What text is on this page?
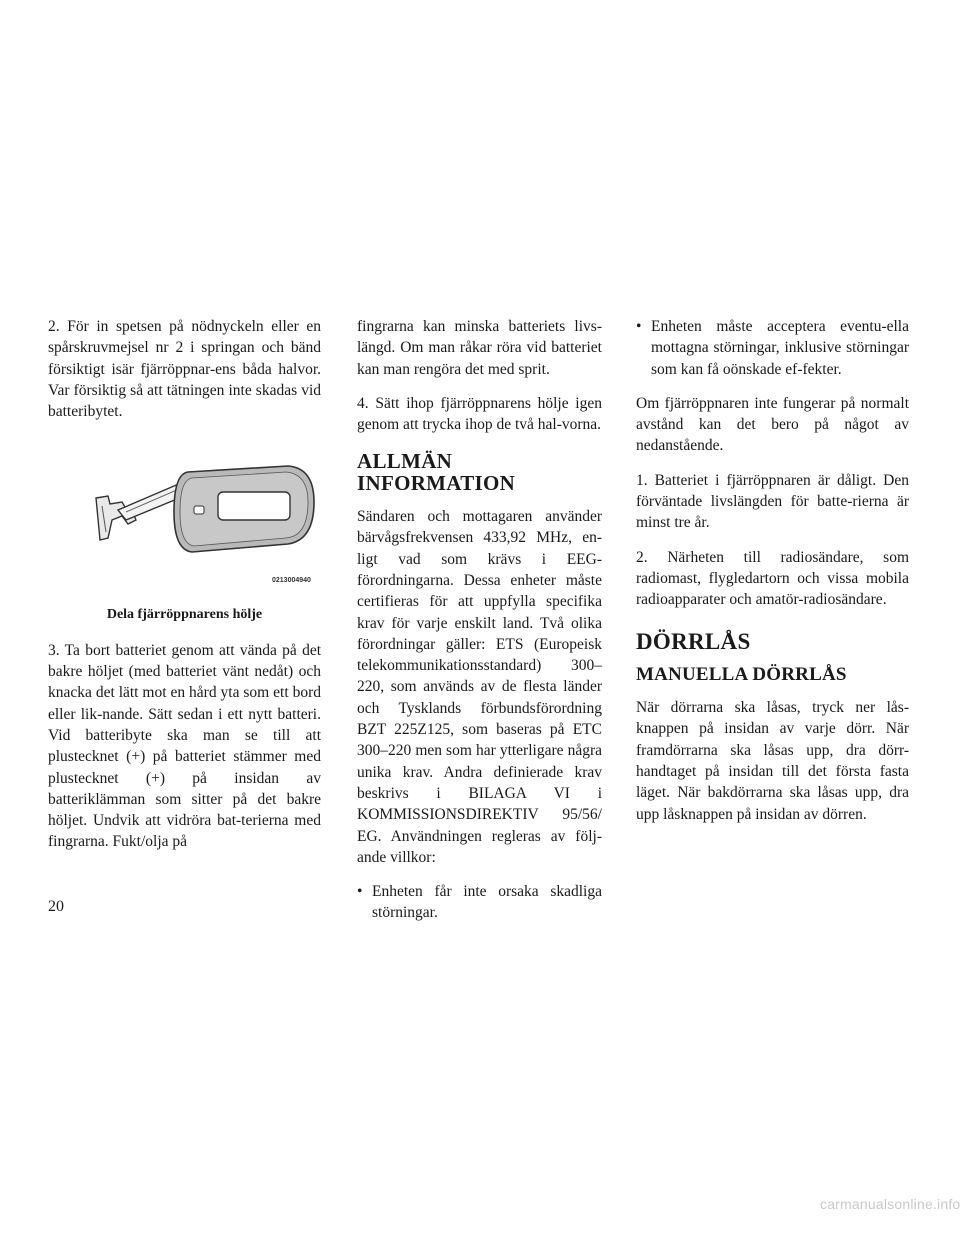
2. För in spetsen på nödnyckeln eller en spårskruvmejsel nr 2 i springan och bänd försiktigt isär fjärröppnar-ens båda halvor. Var försiktig så att tätningen inte skadas vid batteribytet.

0213004940
Dela fjärröppnarens hölje

3. Ta bort batteriet genom att vända på det bakre höljet (med batteriet vänt nedåt) och knacka det lätt mot en hård yta som ett bord eller lik-nande. Sätt sedan i ett nytt batteri. Vid batteribyte ska man se till att plustecknet (+) på batteriet stämmer med plustecknet (+) på insidan av batteriklämman som sitter på det bakre höljet. Undvik att vidröra bat-terierna med fingrarna. Fukt/olja på

fingrarna kan minska batteriets livs-längd. Om man råkar röra vid batteriet kan man rengöra det med sprit.

4. Sätt ihop fjärröppnarens hölje igen genom att trycka ihop de två hal-vorna.

ALLMÄN INFORMATION

Sändaren och mottagaren använder bärvågsfrekvensen 433,92 MHz, en-ligt vad som krävs i EEG-förordningarna. Dessa enheter måste certifieras för att uppfylla specifika krav för varje enskilt land. Två olika förordningar gäller: ETS (Europeisk telekommunikationsstandard) 300–220, som används av de flesta länder och Tysklands förbundsförordning BZT 225Z125, som baseras på ETC 300–220 men som har ytterligare några unika krav. Andra definierade krav beskrivs i BILAGA VI i KOMMISSIONSDIREKTIV 95/56/ EG. Användningen regleras av följ-ande villkor:

• Enheten får inte orsaka skadliga störningar.
• Enheten måste acceptera eventu-ella mottagna störningar, inklusive störningar som kan få oönskade ef-fekter.

Om fjärröppnaren inte fungerar på normalt avstånd kan det bero på något av nedanstående.

1. Batteriet i fjärröppnaren är dåligt. Den förväntade livslängden för batte-rierna är minst tre år.

2. Närheten till radiosändare, som radiomast, flygledartorn och vissa mobila radioapparater och amatör-radiosändare.

DÖRRLÅS
MANUELLA DÖRRLÅS

När dörrarna ska låsas, tryck ner lås-knappen på insidan av varje dörr. När framdörrarna ska låsas upp, dra dörr-handtaget på insidan till det första fasta läget. När bakdörrarna ska låsas upp, dra upp låsknappen på insidan av dörren.

20
carmanualsonline.info
